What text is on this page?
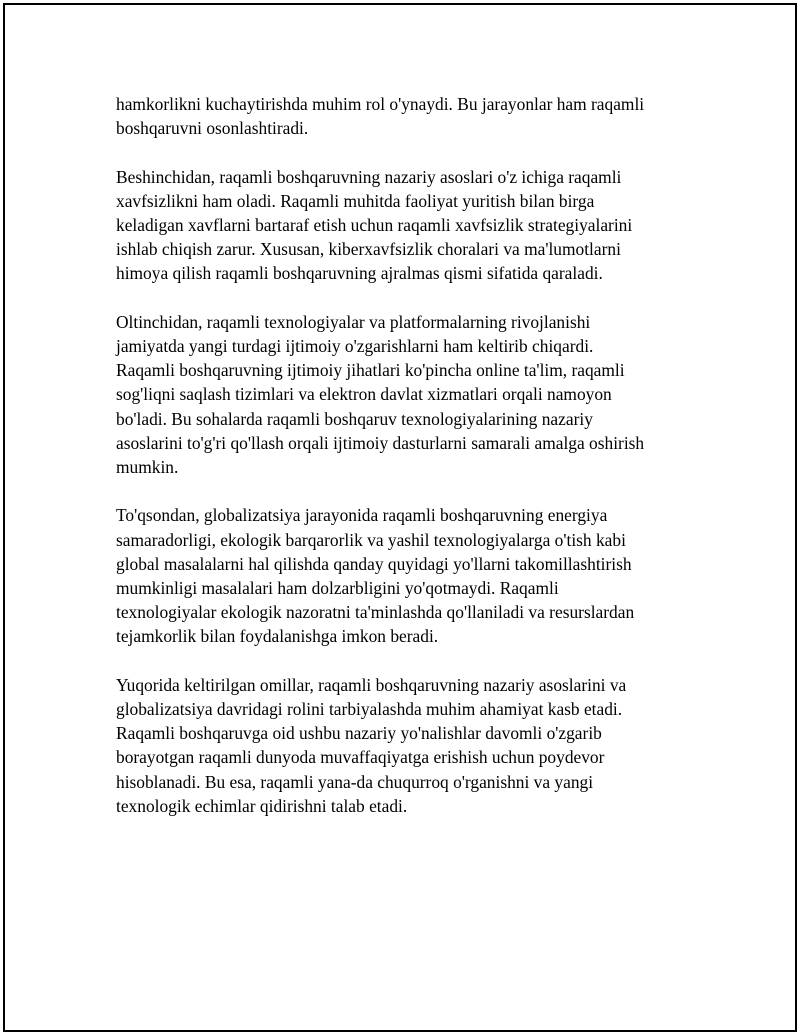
hamkorlikni kuchaytirishda muhim rol o'ynaydi. Bu jarayonlar ham raqamli
boshqaruvni osonlashtiradi.

Beshinchidan, raqamli boshqaruvning nazariy asoslari o'z ichiga raqamli
xavfsizlikni ham oladi. Raqamli muhitda faoliyat yuritish bilan birga
keladigan xavflarni bartaraf etish uchun raqamli xavfsizlik strategiyalarini
ishlab chiqish zarur. Xususan, kiberxavfsizlik choralari va ma'lumotlarni
himoya qilish raqamli boshqaruvning ajralmas qismi sifatida qaraladi.

Oltinchidan, raqamli texnologiyalar va platformalarning rivojlanishi
jamiyatda yangi turdagi ijtimoiy o'zgarishlarni ham keltirib chiqardi.
Raqamli boshqaruvning ijtimoiy jihatlari ko'pincha online ta'lim, raqamli
sog'liqni saqlash tizimlari va elektron davlat xizmatlari orqali namoyon
bo'ladi. Bu sohalarda raqamli boshqaruv texnologiyalarining nazariy
asoslarini to'g'ri qo'llash orqali ijtimoiy dasturlarni samarali amalga oshirish
mumkin.

To'qsondan, globalizatsiya jarayonida raqamli boshqaruvning energiya
samaradorligi, ekologik barqarorlik va yashil texnologiyalarga o'tish kabi
global masalalarni hal qilishda qanday quyidagi yo'llarni takomillashtirish
mumkinligi masalalari ham dolzarbligini yo'qotmaydi. Raqamli
texnologiyalar ekologik nazoratni ta'minlashda qo'llaniladi va resurslardan
tejamkorlik bilan foydalanishga imkon beradi.

Yuqorida keltirilgan omillar, raqamli boshqaruvning nazariy asoslarini va
globalizatsiya davridagi rolini tarbiyalashda muhim ahamiyat kasb etadi.
Raqamli boshqaruvga oid ushbu nazariy yo'nalishlar davomli o'zgarib
borayotgan raqamli dunyoda muvaffaqiyatga erishish uchun poydevor
hisoblanadi. Bu esa, raqamli yana-da chuqurroq o'rganishni va yangi
texnologik echimlar qidirishni talab etadi.
